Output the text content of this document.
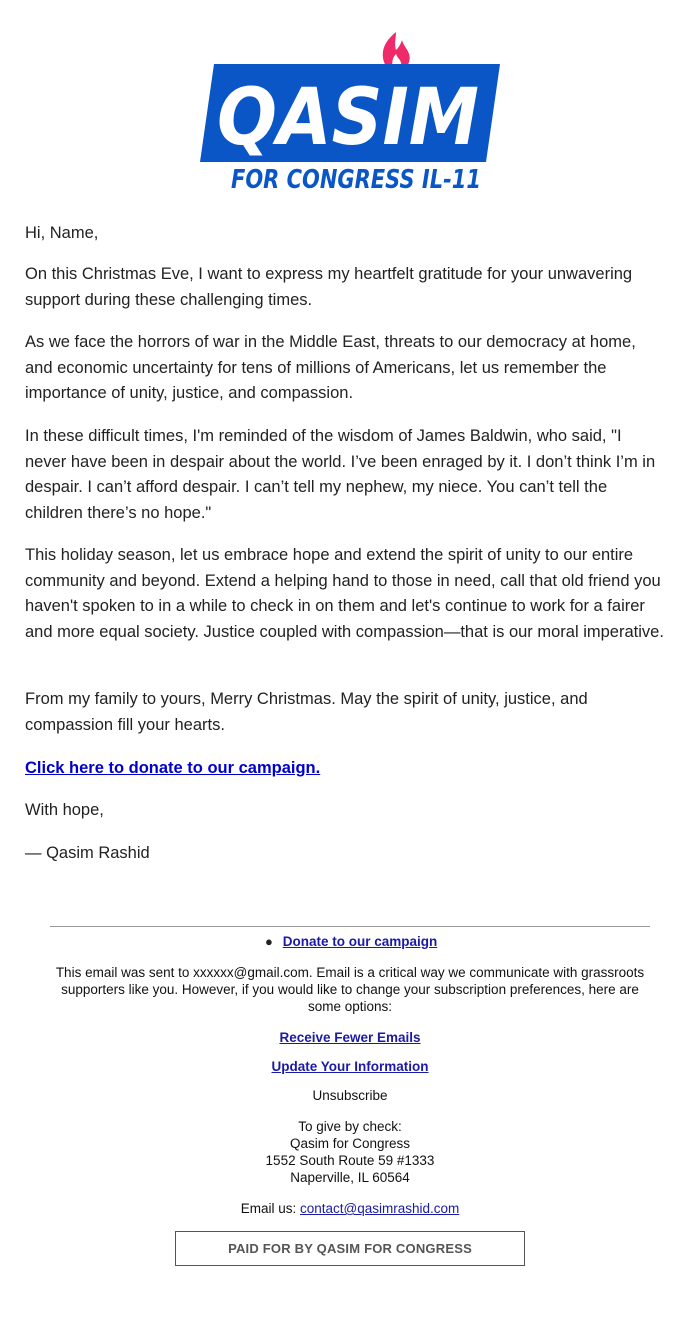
QASIM
FOR CONGRESS IL-11

Hi, Name,

On this Christmas Eve, I want to express my heartfelt gratitude for your unwavering support during these challenging times.

As we face the horrors of war in the Middle East, threats to our democracy at home, and economic uncertainty for tens of millions of Americans, let us remember the importance of unity, justice, and compassion.

In these difficult times, I'm reminded of the wisdom of James Baldwin, who said, "I never have been in despair about the world. I’ve been enraged by it. I don’t think I’m in despair. I can’t afford despair. I can’t tell my nephew, my niece. You can’t tell the children there’s no hope."

This holiday season, let us embrace hope and extend the spirit of unity to our entire community and beyond. Extend a helping hand to those in need, call that old friend you haven't spoken to in a while to check in on them and let's continue to work for a fairer and more equal society. Justice coupled with compassion—that is our moral imperative.

From my family to yours, Merry Christmas. May the spirit of unity, justice, and compassion fill your hearts.

Click here to donate to our campaign.

With hope,

— Qasim Rashid

● Donate to our campaign
This email was sent to xxxxxx@gmail.com. Email is a critical way we communicate with grassroots supporters like you. However, if you would like to change your subscription preferences, here are some options:
Receive Fewer Emails
Update Your Information
Unsubscribe
To give by check:
Qasim for Congress
1552 South Route 59 #1333
Naperville, IL 60564
Email us: contact@qasimrashid.com
PAID FOR BY QASIM FOR CONGRESS
